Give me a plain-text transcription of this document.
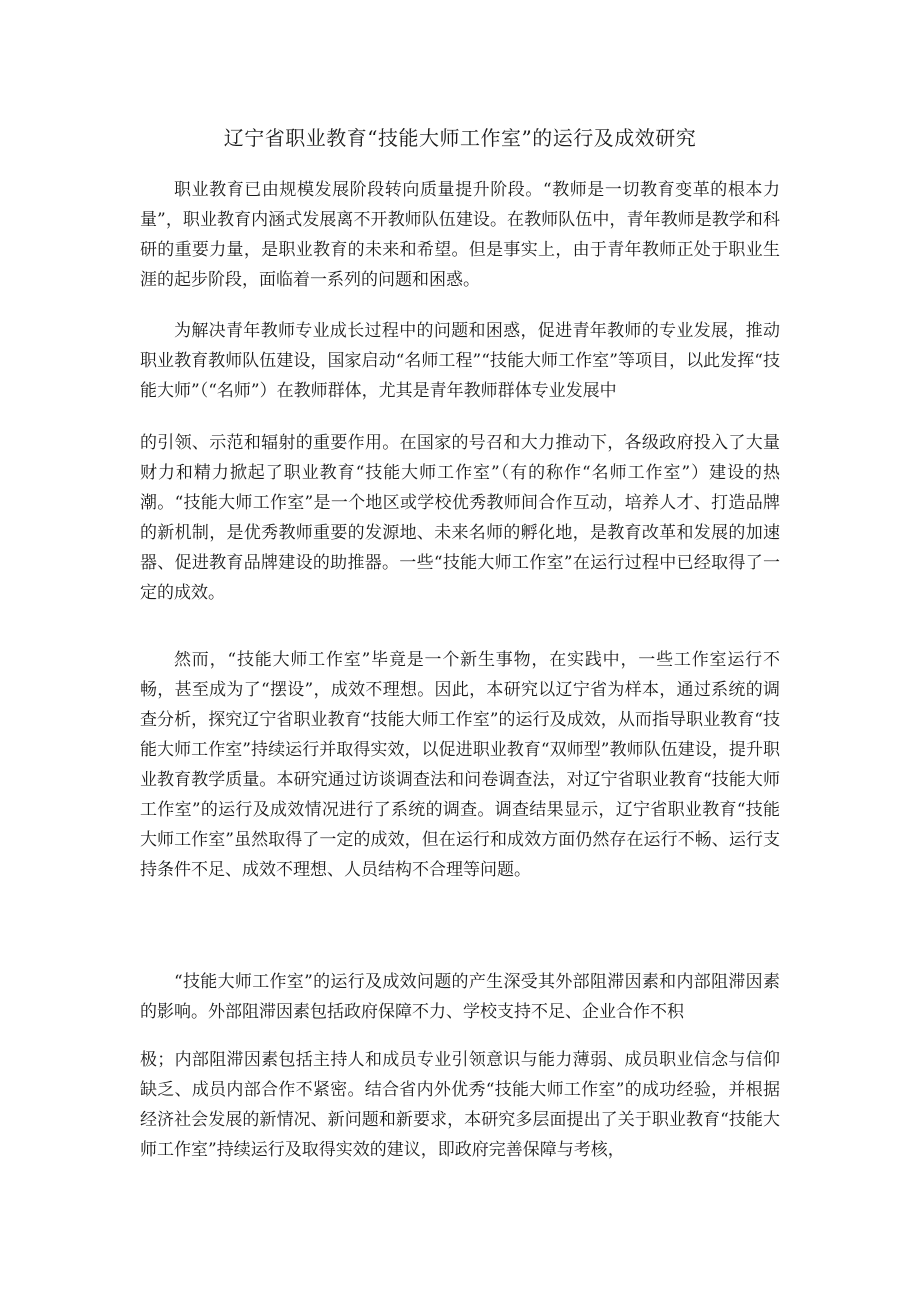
辽宁省职业教育“技能大师工作室”的运行及成效研究

职业教育已由规模发展阶段转向质量提升阶段。“教师是一切教育变革的根本力量”，职业教育内涵式发展离不开教师队伍建设。在教师队伍中，青年教师是教学和科研的重要力量，是职业教育的未来和希望。但是事实上，由于青年教师正处于职业生涯的起步阶段，面临着一系列的问题和困惑。

为解决青年教师专业成长过程中的问题和困惑，促进青年教师的专业发展，推动职业教育教师队伍建设，国家启动“名师工程”“技能大师工作室”等项目，以此发挥“技能大师”（“名师”）在教师群体，尤其是青年教师群体专业发展中

的引领、示范和辐射的重要作用。在国家的号召和大力推动下，各级政府投入了大量财力和精力掀起了职业教育“技能大师工作室”（有的称作“名师工作室”）建设的热潮。“技能大师工作室”是一个地区或学校优秀教师间合作互动，培养人才、打造品牌的新机制，是优秀教师重要的发源地、未来名师的孵化地，是教育改革和发展的加速器、促进教育品牌建设的助推器。一些“技能大师工作室”在运行过程中已经取得了一定的成效。

然而，“技能大师工作室”毕竟是一个新生事物，在实践中，一些工作室运行不畅，甚至成为了“摆设”，成效不理想。因此，本研究以辽宁省为样本，通过系统的调查分析，探究辽宁省职业教育“技能大师工作室”的运行及成效，从而指导职业教育“技能大师工作室”持续运行并取得实效，以促进职业教育“双师型”教师队伍建设，提升职业教育教学质量。本研究通过访谈调查法和问卷调查法，对辽宁省职业教育“技能大师工作室”的运行及成效情况进行了系统的调查。调查结果显示，辽宁省职业教育“技能大师工作室”虽然取得了一定的成效，但在运行和成效方面仍然存在运行不畅、运行支持条件不足、成效不理想、人员结构不合理等问题。

“技能大师工作室”的运行及成效问题的产生深受其外部阻滞因素和内部阻滞因素的影响。外部阻滞因素包括政府保障不力、学校支持不足、企业合作不积

极；内部阻滞因素包括主持人和成员专业引领意识与能力薄弱、成员职业信念与信仰缺乏、成员内部合作不紧密。结合省内外优秀“技能大师工作室”的成功经验，并根据经济社会发展的新情况、新问题和新要求，本研究多层面提出了关于职业教育“技能大师工作室”持续运行及取得实效的建议，即政府完善保障与考核，
